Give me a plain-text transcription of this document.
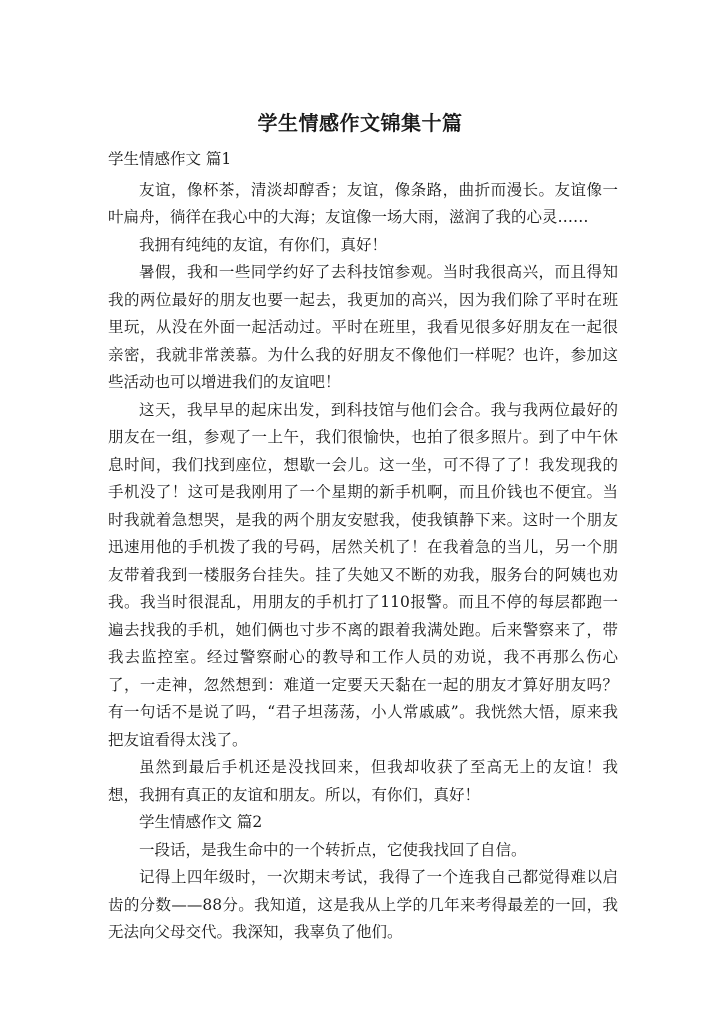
学生情感作文锦集十篇

学生情感作文 篇1

友谊，像杯茶，清淡却醇香；友谊，像条路，曲折而漫长。友谊像一叶扁舟，徜徉在我心中的大海；友谊像一场大雨，滋润了我的心灵……

我拥有纯纯的友谊，有你们，真好！

暑假，我和一些同学约好了去科技馆参观。当时我很高兴，而且得知我的两位最好的朋友也要一起去，我更加的高兴，因为我们除了平时在班里玩，从没在外面一起活动过。平时在班里，我看见很多好朋友在一起很亲密，我就非常羡慕。为什么我的好朋友不像他们一样呢？也许，参加这些活动也可以增进我们的友谊吧！

这天，我早早的起床出发，到科技馆与他们会合。我与我两位最好的朋友在一组，参观了一上午，我们很愉快，也拍了很多照片。到了中午休息时间，我们找到座位，想歇一会儿。这一坐，可不得了了！我发现我的手机没了！这可是我刚用了一个星期的新手机啊，而且价钱也不便宜。当时我就着急想哭，是我的两个朋友安慰我，使我镇静下来。这时一个朋友迅速用他的手机拨了我的号码，居然关机了！在我着急的当儿，另一个朋友带着我到一楼服务台挂失。挂了失她又不断的劝我，服务台的阿姨也劝我。我当时很混乱，用朋友的手机打了110报警。而且不停的每层都跑一遍去找我的手机，她们俩也寸步不离的跟着我满处跑。后来警察来了，带我去监控室。经过警察耐心的教导和工作人员的劝说，我不再那么伤心了，一走神，忽然想到：难道一定要天天黏在一起的朋友才算好朋友吗？有一句话不是说了吗，“君子坦荡荡，小人常戚戚”。我恍然大悟，原来我把友谊看得太浅了。

虽然到最后手机还是没找回来，但我却收获了至高无上的友谊！我想，我拥有真正的友谊和朋友。所以，有你们，真好！

学生情感作文 篇2

一段话，是我生命中的一个转折点，它使我找回了自信。

记得上四年级时，一次期末考试，我得了一个连我自己都觉得难以启齿的分数——88分。我知道，这是我从上学的几年来考得最差的一回，我无法向父母交代。我深知，我辜负了他们。
